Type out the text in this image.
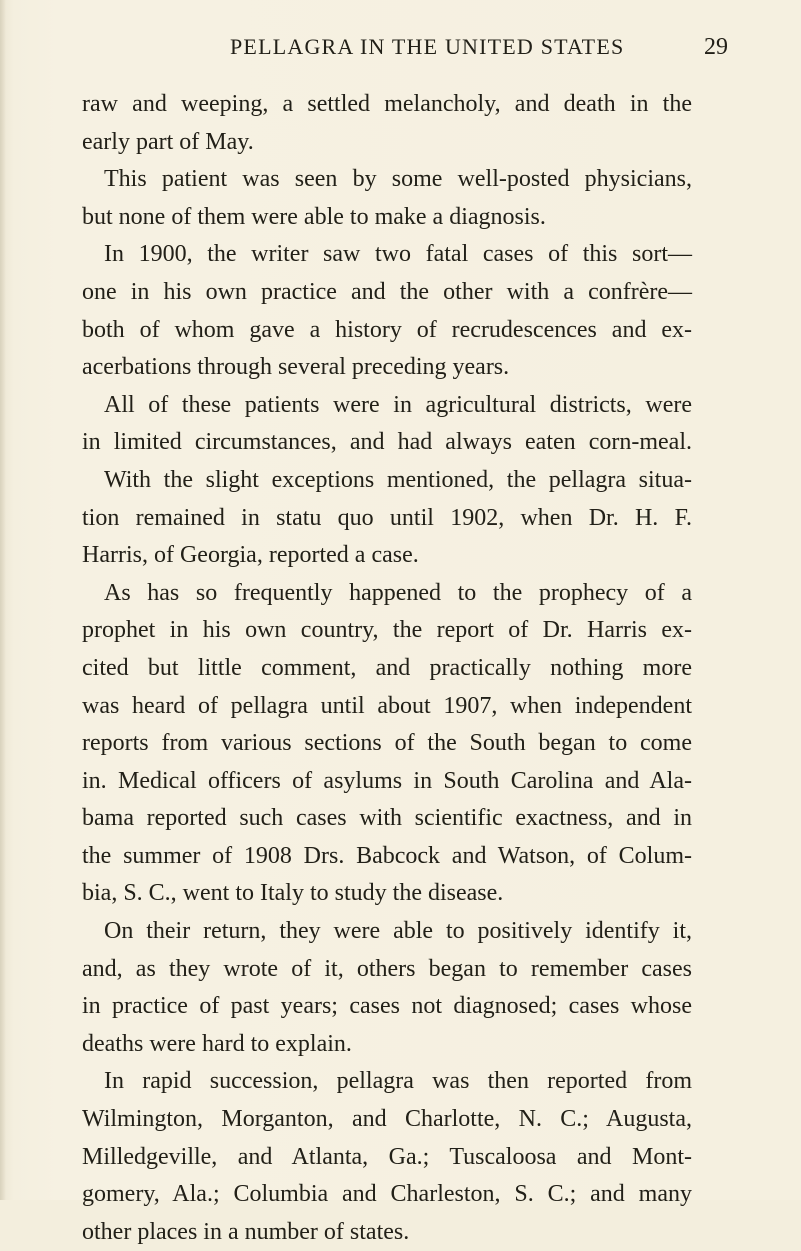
PELLAGRA IN THE UNITED STATES	29
raw and weeping, a settled melancholy, and death in the
early part of May.
This patient was seen by some well-posted physicians,
but none of them were able to make a diagnosis.
In 1900, the writer saw two fatal cases of this sort—
one in his own practice and the other with a confrère—
both of whom gave a history of recrudescences and ex-
acerbations through several preceding years.
All of these patients were in agricultural districts, were
in limited circumstances, and had always eaten corn-meal.
With the slight exceptions mentioned, the pellagra situa-
tion remained in statu quo until 1902, when Dr. H. F.
Harris, of Georgia, reported a case.
As has so frequently happened to the prophecy of a
prophet in his own country, the report of Dr. Harris ex-
cited but little comment, and practically nothing more
was heard of pellagra until about 1907, when independent
reports from various sections of the South began to come
in. Medical officers of asylums in South Carolina and Ala-
bama reported such cases with scientific exactness, and in
the summer of 1908 Drs. Babcock and Watson, of Colum-
bia, S. C., went to Italy to study the disease.
On their return, they were able to positively identify it,
and, as they wrote of it, others began to remember cases
in practice of past years; cases not diagnosed; cases whose
deaths were hard to explain.
In rapid succession, pellagra was then reported from
Wilmington, Morganton, and Charlotte, N. C.; Augusta,
Milledgeville, and Atlanta, Ga.; Tuscaloosa and Mont-
gomery, Ala.; Columbia and Charleston, S. C.; and many
other places in a number of states.
